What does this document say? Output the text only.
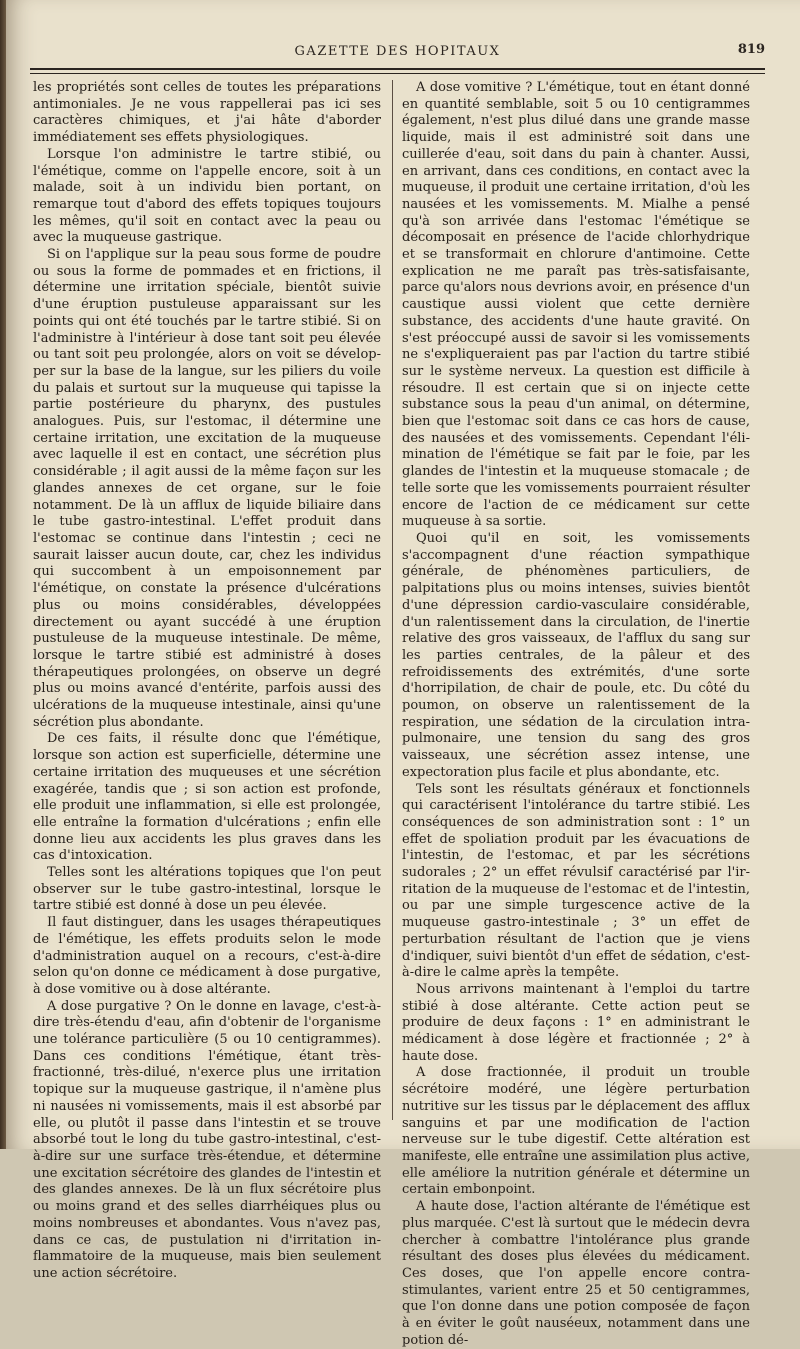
GAZETTE DES HOPITAUX	819

les propriétés sont celles de toutes les préparations antimoniales. Je ne vous rappellerai pas ici ses caractères chimiques, et j'ai hâte d'aborder immédiatement ses effets physiologiques.

Lorsque l'on administre le tartre stibié, ou l'émétique, comme on l'appelle encore, soit à un malade, soit à un individu bien portant, on remarque tout d'abord des effets topiques toujours les mêmes, qu'il soit en contact avec la peau ou avec la muqueuse gastrique.

Si on l'applique sur la peau sous forme de poudre ou sous la forme de pommades et en frictions, il détermine une irritation spéciale, bientôt suivie d'une éruption pustuleuse apparaissant sur les points qui ont été touchés par le tartre stibié. Si on l'administre à l'intérieur à dose tant soit peu élevée ou tant soit peu prolongée, alors on voit se développer sur la base de la langue, sur les piliers du voile du palais et surtout sur la muqueuse qui tapisse la partie postérieure du pharynx, des pustules analogues. Puis, sur l'estomac, il détermine une certaine irritation, une excitation de la muqueuse avec laquelle il est en contact, une sécrétion plus considérable ; il agit aussi de la même façon sur les glandes annexes de cet organe, sur le foie notamment. De là un afflux de liquide biliaire dans le tube gastro-intestinal. L'effet produit dans l'estomac se continue dans l'intestin ; ceci ne saurait laisser aucun doute, car, chez les individus qui succombent à un empoisonnement par l'émétique, on constate la présence d'ulcérations plus ou moins considérables, développées directement ou ayant succédé à une éruption pustuleuse de la muqueuse intestinale. De même, lorsque le tartre stibié est administré à doses thérapeutiques prolongées, on observe un degré plus ou moins avancé d'entérite, parfois aussi des ulcérations de la muqueuse intestinale, ainsi qu'une sécrétion plus abondante.

De ces faits, il résulte donc que l'émétique, lorsque son action est superficielle, détermine une certaine irritation des muqueuses et une sécrétion exagérée, tandis que ; si son action est profonde, elle produit une inflammation, si elle est prolongée, elle entraîne la formation d'ulcérations ; enfin elle donne lieu aux accidents les plus graves dans les cas d'intoxication.

Telles sont les altérations topiques que l'on peut observer sur le tube gastro-intestinal, lorsque le tartre stibié est donné à dose un peu élevée.

Il faut distinguer, dans les usages thérapeutiques de l'émétique, les effets produits selon le mode d'administration auquel on a recours, c'est-à-dire selon qu'on donne ce médicament à dose purgative, à dose vomitive ou à dose altérante.

A dose purgative ? On le donne en lavage, c'est-à-dire très-étendu d'eau, afin d'obtenir de l'organisme une tolérance particulière (5 ou 10 centigrammes). Dans ces conditions l'émétique, étant très-fractionné, très-dilué, n'exerce plus une irritation topique sur la muqueuse gastrique, il n'amène plus ni nausées ni vomissements, mais il est absorbé par elle, ou plutôt il passe dans l'intestin et se trouve absorbé tout le long du tube gastro-intestinal, c'est-à-dire sur une surface très-étendue, et détermine une excitation sécrétoire des glandes de l'intestin et des glandes annexes. De là un flux sécrétoire plus ou moins grand et des selles diarrhéiques plus ou moins nombreuses et abondantes. Vous n'avez pas, dans ce cas, de pustulation ni d'irritation inflammatoire de la muqueuse, mais bien seulement une action sécrétoire.

A dose vomitive ? L'émétique, tout en étant donné en quantité semblable, soit 5 ou 10 centigrammes également, n'est plus dilué dans une grande masse liquide, mais il est administré soit dans une cuillerée d'eau, soit dans du pain à chanter. Aussi, en arrivant, dans ces conditions, en contact avec la muqueuse, il produit une certaine irritation, d'où les nausées et les vomissements. M. Mialhe a pensé qu'à son arrivée dans l'estomac l'émétique se décomposait en présence de l'acide chlorhydrique et se transformait en chlorure d'antimoine. Cette explication ne me paraît pas très-satisfaisante, parce qu'alors nous devrions avoir, en présence d'un caustique aussi violent que cette dernière substance, des accidents d'une haute gravité. On s'est préoccupé aussi de savoir si les vomissements ne s'expliqueraient pas par l'action du tartre stibié sur le système nerveux. La question est difficile à résoudre. Il est certain que si on injecte cette substance sous la peau d'un animal, on détermine, bien que l'estomac soit dans ce cas hors de cause, des nausées et des vomissements. Cependant l'élimination de l'émétique se fait par le foie, par les glandes de l'intestin et la muqueuse stomacale ; de telle sorte que les vomissements pourraient résulter encore de l'action de ce médicament sur cette muqueuse à sa sortie.

Quoi qu'il en soit, les vomissements s'accompagnent d'une réaction sympathique générale, de phénomènes particuliers, de palpitations plus ou moins intenses, suivies bientôt d'une dépression cardio-vasculaire considérable, d'un ralentissement dans la circulation, de l'inertie relative des gros vaisseaux, de l'afflux du sang sur les parties centrales, de la pâleur et des refroidissements des extrémités, d'une sorte d'horripilation, de chair de poule, etc. Du côté du poumon, on observe un ralentissement de la respiration, une sédation de la circulation intra-pulmonaire, une tension du sang des gros vaisseaux, une sécrétion assez intense, une expectoration plus facile et plus abondante, etc.

Tels sont les résultats généraux et fonctionnels qui caractérisent l'intolérance du tartre stibié. Les conséquences de son administration sont : 1° un effet de spoliation produit par les évacuations de l'intestin, de l'estomac, et par les sécrétions sudorales ; 2° un effet révulsif caractérisé par l'irritation de la muqueuse de l'estomac et de l'intestin, ou par une simple turgescence active de la muqueuse gastro-intestinale ; 3° un effet de perturbation résultant de l'action que je viens d'indiquer, suivi bientôt d'un effet de sédation, c'est-à-dire le calme après la tempête.

Nous arrivons maintenant à l'emploi du tartre stibié à dose altérante. Cette action peut se produire de deux façons : 1° en administrant le médicament à dose légère et fractionnée ; 2° à haute dose.

A dose fractionnée, il produit un trouble sécrétoire modéré, une légère perturbation nutritive sur les tissus par le déplacement des afflux sanguins et par une modification de l'action nerveuse sur le tube digestif. Cette altération est manifeste, elle entraîne une assimilation plus active, elle améliore la nutrition générale et détermine un certain embonpoint.

A haute dose, l'action altérante de l'émétique est plus marquée. C'est là surtout que le médecin devra chercher à combattre l'intolérance plus grande résultant des doses plus élevées du médicament. Ces doses, que l'on appelle encore contra-stimulantes, varient entre 25 et 50 centigrammes, que l'on donne dans une potion composée de façon à en éviter le goût nauséeux, notamment dans une potion dé-
